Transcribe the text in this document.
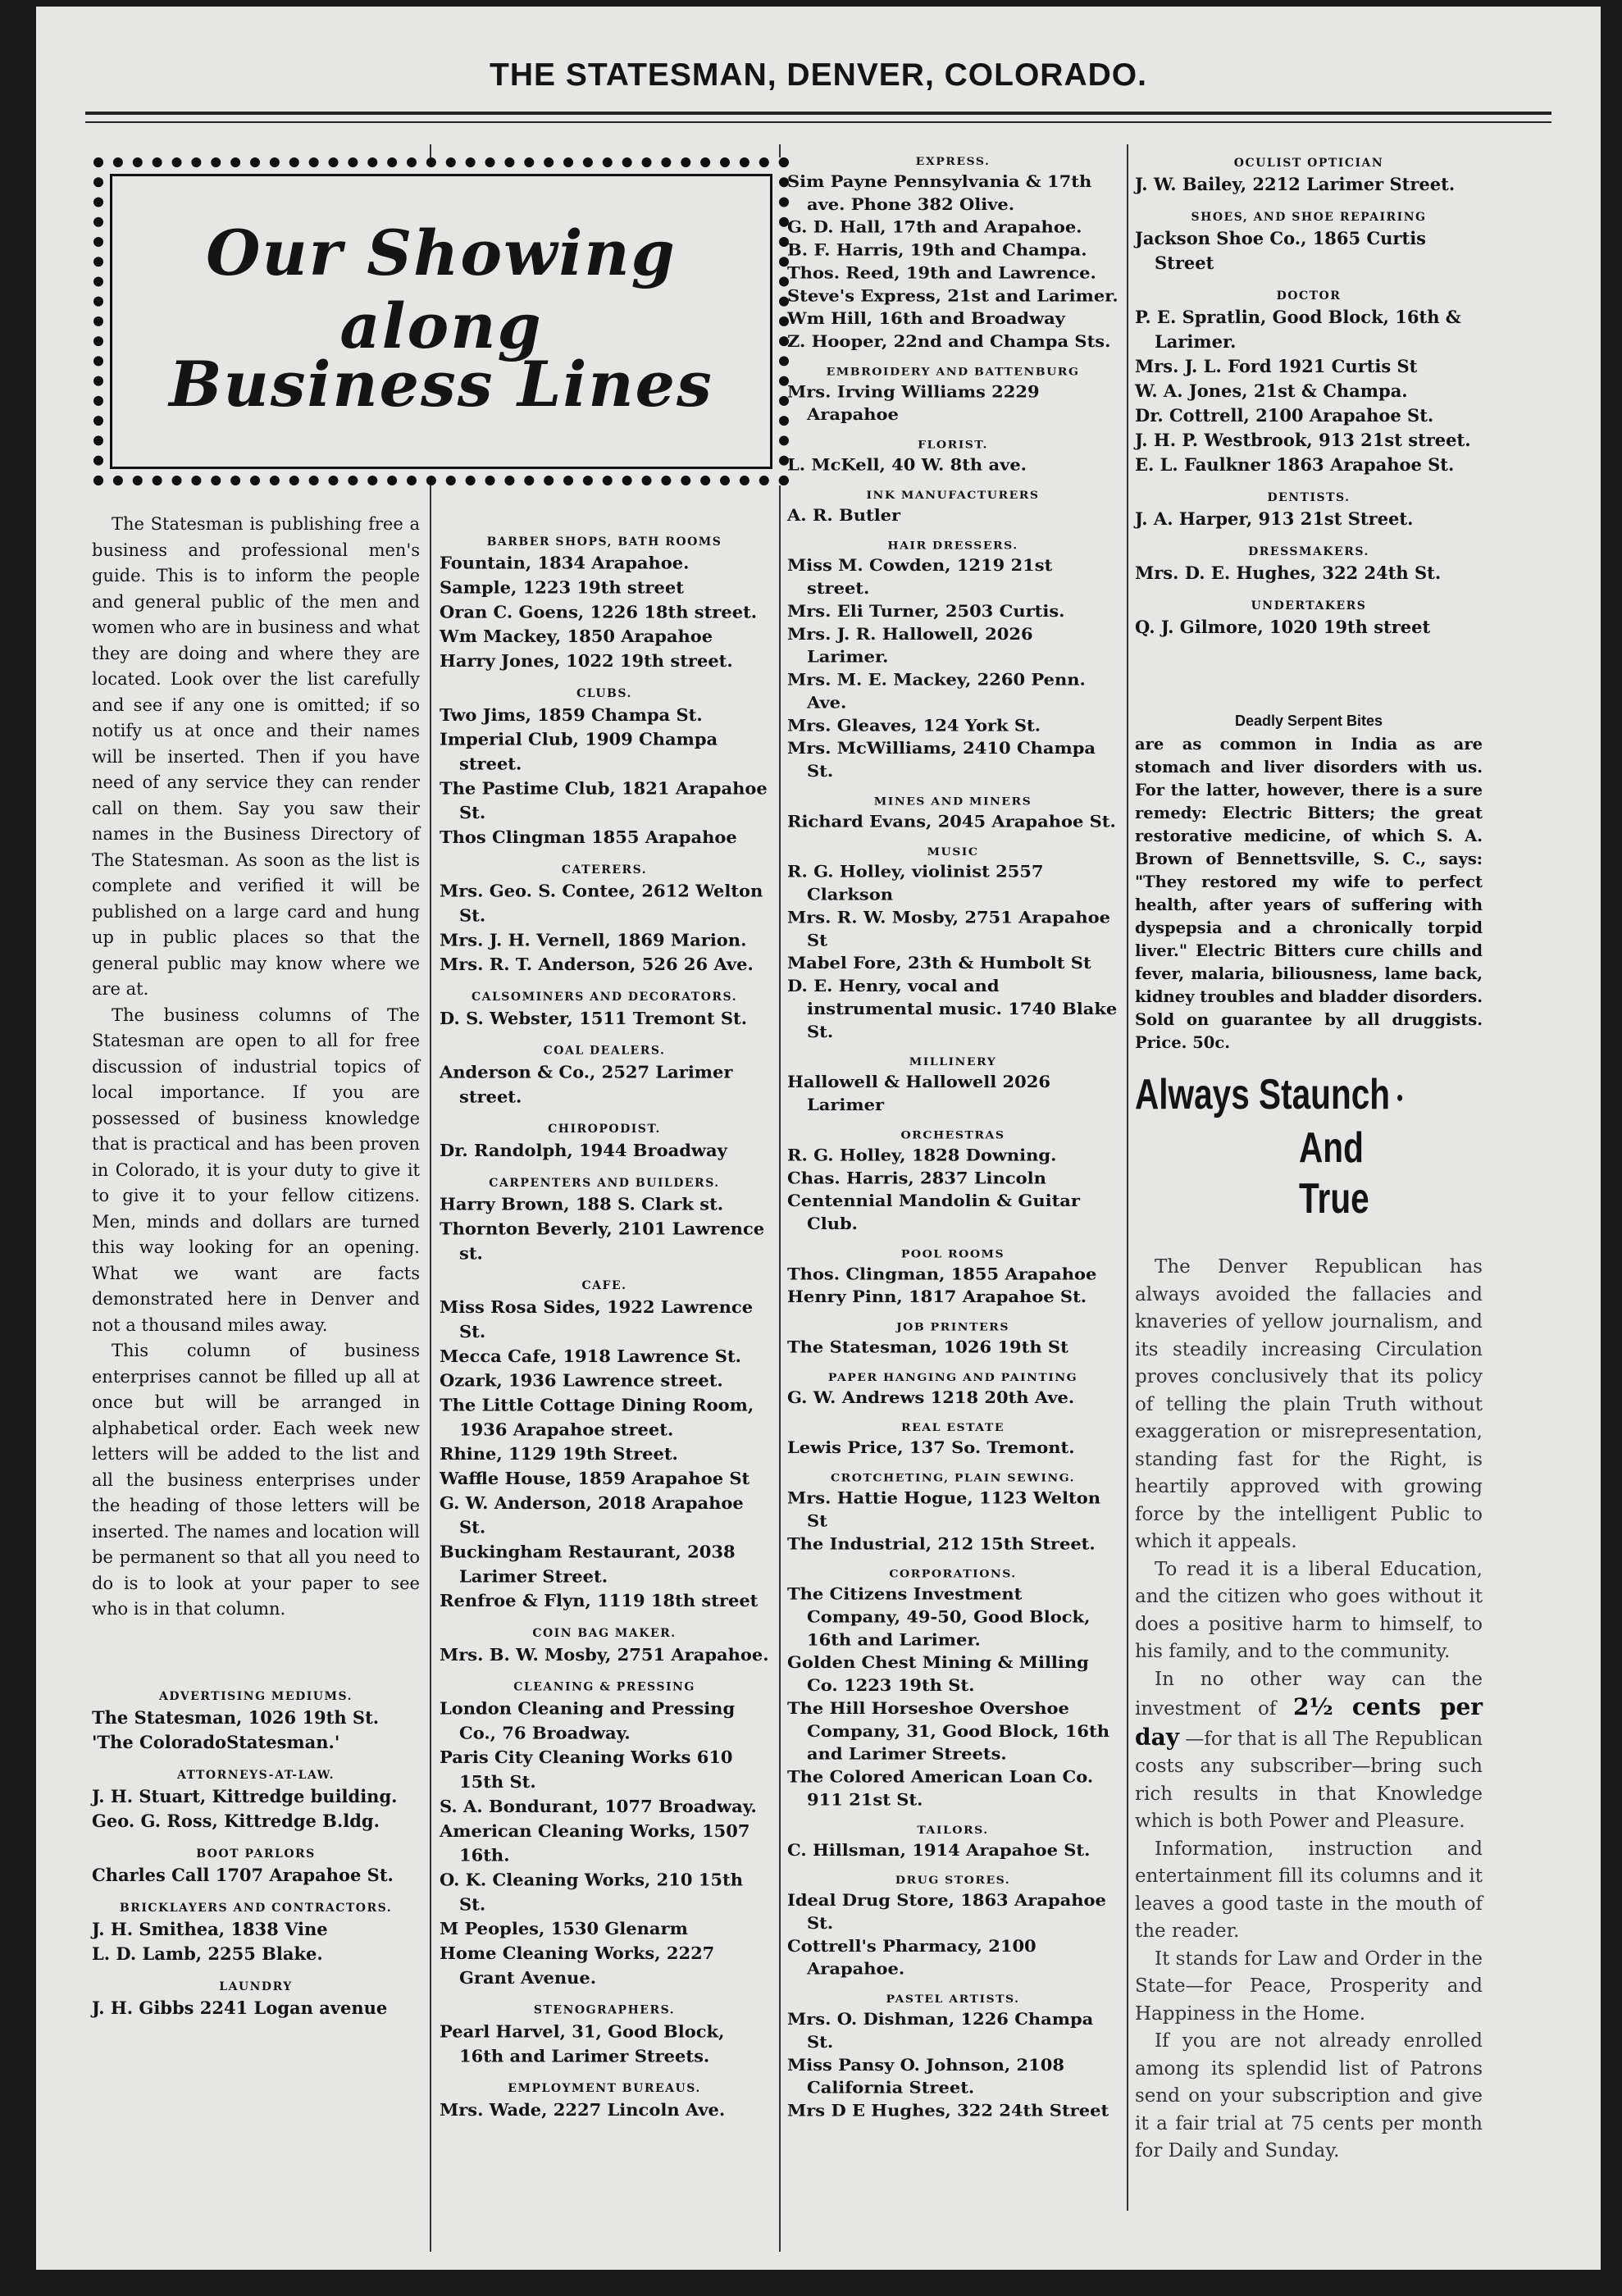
THE STATESMAN, DENVER, COLORADO.
Our Showing along
Business Lines

The Statesman is publishing free a business and professional men's guide. This is to inform the people and general public of the men and women who are in business and what they are doing and where they are located. Look over the list carefully and see if any one is omitted; if so notify us at once and their names will be inserted. Then if you have need of any service they can render call on them. Say you saw their names in the Business Directory of The Statesman. As soon as the list is complete and verified it will be published on a large card and hung up in public places so that the general public may know where we are at.

The business columns of The Statesman are open to all for free discussion of industrial topics of local importance. If you are possessed of business knowledge that is practical and has been proven in Colorado, it is your duty to give it to give it to your fellow citizens. Men, minds and dollars are turned this way looking for an opening. What we want are facts demonstrated here in Denver and not a thousand miles away.

This column of business enterprises cannot be filled up all at once but will be arranged in alphabetical order. Each week new letters will be added to the list and all the business enterprises under the heading of those letters will be inserted. The names and location will be permanent so that all you need to do is to look at your paper to see who is in that column.

ADVERTISING MEDIUMS.

The Statesman, 1026 19th St.

'The ColoradoStatesman.'

ATTORNEYS-AT-LAW.

J. H. Stuart, Kittredge building.

Geo. G. Ross, Kittredge B.ldg.

BOOT PARLORS

Charles Call 1707 Arapahoe St.

BRICKLAYERS AND CONTRACTORS.

J. H. Smithea, 1838 Vine

L. D. Lamb, 2255 Blake.

LAUNDRY

J. H. Gibbs 2241 Logan avenue

BARBER SHOPS, BATH ROOMS

Fountain, 1834 Arapahoe.

Sample, 1223 19th street

Oran C. Goens, 1226 18th street.

Wm Mackey, 1850 Arapahoe

Harry Jones, 1022 19th street.

CLUBS.

Two Jims, 1859 Champa St.

Imperial Club, 1909 Champa street.

The Pastime Club, 1821 Arapahoe St.

Thos Clingman 1855 Arapahoe

CATERERS.

Mrs. Geo. S. Contee, 2612 Welton St.

Mrs. J. H. Vernell, 1869 Marion.

Mrs. R. T. Anderson, 526 26 Ave.

CALSOMINERS AND DECORATORS.

D. S. Webster, 1511 Tremont St.

COAL DEALERS.

Anderson & Co., 2527 Larimer street.

CHIROPODIST.

Dr. Randolph, 1944 Broadway

CARPENTERS AND BUILDERS.

Harry Brown, 188 S. Clark st.

Thornton Beverly, 2101 Lawrence st.

CAFE.

Miss Rosa Sides, 1922 Lawrence St.

Mecca Cafe, 1918 Lawrence St.

Ozark, 1936 Lawrence street.

The Little Cottage Dining Room, 1936 Arapahoe street.

Rhine, 1129 19th Street.

Waffle House, 1859 Arapahoe St

G. W. Anderson, 2018 Arapahoe St.

Buckingham Restaurant, 2038 Larimer Street.

Renfroe & Flyn, 1119 18th street

COIN BAG MAKER.

Mrs. B. W. Mosby, 2751 Arapahoe.

CLEANING & PRESSING

London Cleaning and Pressing Co., 76 Broadway.

Paris City Cleaning Works 610 15th St.

S. A. Bondurant, 1077 Broadway.

American Cleaning Works, 1507 16th.

O. K. Cleaning Works, 210 15th St.

M Peoples, 1530 Glenarm

Home Cleaning Works, 2227 Grant Avenue.

STENOGRAPHERS.

Pearl Harvel, 31, Good Block, 16th and Larimer Streets.

EMPLOYMENT BUREAUS.

Mrs. Wade, 2227 Lincoln Ave.

EXPRESS.

Sim Payne Pennsylvania & 17th ave. Phone 382 Olive.

G. D. Hall, 17th and Arapahoe.

B. F. Harris, 19th and Champa.

Thos. Reed, 19th and Lawrence.

Steve's Express, 21st and Larimer.

Wm Hill, 16th and Broadway

Z. Hooper, 22nd and Champa Sts.

EMBROIDERY AND BATTENBURG

Mrs. Irving Williams 2229 Arapahoe

FLORIST.

L. McKell, 40 W. 8th ave.

INK MANUFACTURERS

A. R. Butler

HAIR DRESSERS.

Miss M. Cowden, 1219 21st street.

Mrs. Eli Turner, 2503 Curtis.

Mrs. J. R. Hallowell, 2026 Larimer.

Mrs. M. E. Mackey, 2260 Penn. Ave.

Mrs. Gleaves, 124 York St.

Mrs. McWilliams, 2410 Champa St.

MINES AND MINERS

Richard Evans, 2045 Arapahoe St.

MUSIC

R. G. Holley, violinist 2557 Clarkson

Mrs. R. W. Mosby, 2751 Arapahoe St

Mabel Fore, 23th & Humbolt St

D. E. Henry, vocal and instrumental music. 1740 Blake St.

MILLINERY

Hallowell & Hallowell 2026 Larimer

ORCHESTRAS

R. G. Holley, 1828 Downing.

Chas. Harris, 2837 Lincoln

Centennial Mandolin & Guitar Club.

POOL ROOMS

Thos. Clingman, 1855 Arapahoe

Henry Pinn, 1817 Arapahoe St.

JOB PRINTERS

The Statesman, 1026 19th St

PAPER HANGING AND PAINTING

G. W. Andrews 1218 20th Ave.

REAL ESTATE

Lewis Price, 137 So. Tremont.

CROTCHETING, PLAIN SEWING.

Mrs. Hattie Hogue, 1123 Welton St

The Industrial, 212 15th Street.

CORPORATIONS.

The Citizens Investment Company, 49-50, Good Block, 16th and Larimer.

Golden Chest Mining & Milling Co. 1223 19th St.

The Hill Horseshoe Overshoe Company, 31, Good Block, 16th and Larimer Streets.

The Colored American Loan Co. 911 21st St.

TAILORS.

C. Hillsman, 1914 Arapahoe St.

DRUG STORES.

Ideal Drug Store, 1863 Arapahoe St.

Cottrell's Pharmacy, 2100 Arapahoe.

PASTEL ARTISTS.

Mrs. O. Dishman, 1226 Champa St.

Miss Pansy O. Johnson, 2108 California Street.

Mrs D E Hughes, 322 24th Street

OCULIST OPTICIAN

J. W. Bailey, 2212 Larimer Street.

SHOES, AND SHOE REPAIRING

Jackson Shoe Co., 1865 Curtis Street

DOCTOR

P. E. Spratlin, Good Block, 16th & Larimer.

Mrs. J. L. Ford 1921 Curtis St

W. A. Jones, 21st & Champa.

Dr. Cottrell, 2100 Arapahoe St.

J. H. P. Westbrook, 913 21st street.

E. L. Faulkner 1863 Arapahoe St.

DENTISTS.

J. A. Harper, 913 21st Street.

DRESSMAKERS.

Mrs. D. E. Hughes, 322 24th St.

UNDERTAKERS

Q. J. Gilmore, 1020 19th street

Deadly Serpent Bites

are as common in India as are stomach and liver disorders with us. For the latter, however, there is a sure remedy: Electric Bitters; the great restorative medicine, of which S. A. Brown of Bennettsville, S. C., says: "They restored my wife to perfect health, after years of suffering with dyspepsia and a chronically torpid liver." Electric Bitters cure chills and fever, malaria, biliousness, lame back, kidney troubles and bladder disorders. Sold on guarantee by all druggists. Price. 50c.

Always Staunch ●
And True

The Denver Republican has always avoided the fallacies and knaveries of yellow journalism, and its steadily increasing Circulation proves conclusively that its policy of telling the plain Truth without exaggeration or misrepresentation, standing fast for the Right, is heartily approved with growing force by the intelligent Public to which it appeals.

To read it is a liberal Education, and the citizen who goes without it does a positive harm to himself, to his family, and to the community.

In no other way can the investment of 2½ cents per day —for that is all The Republican costs any subscriber—bring such rich results in that Knowledge which is both Power and Pleasure.

Information, instruction and entertainment fill its columns and it leaves a good taste in the mouth of the reader.

It stands for Law and Order in the State—for Peace, Prosperity and Happiness in the Home.

If you are not already enrolled among its splendid list of Patrons send on your subscription and give it a fair trial at 75 cents per month for Daily and Sunday.
